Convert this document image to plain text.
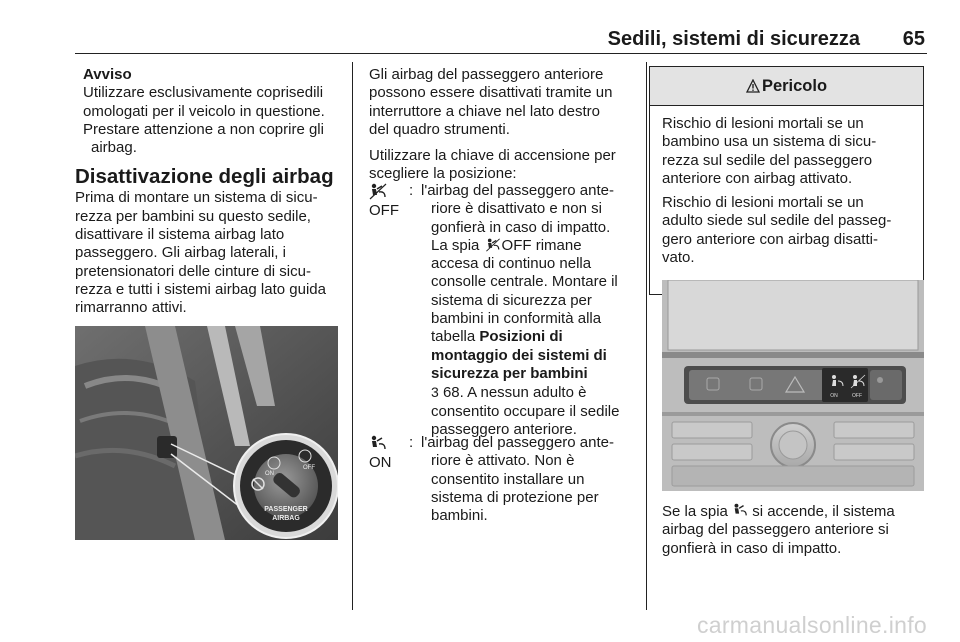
Sedili, sistemi di sicurezza 65

Avviso

Utilizzare esclusivamente coprisedili

omologati per il veicolo in questione.

Prestare attenzione a non coprire gli

airbag.

Disattivazione degli airbag

Prima di montare un sistema di sicu-

rezza per bambini su questo sedile,

disattivare il sistema airbag lato

passeggero. Gli airbag laterali, i

pretensionatori delle cinture di sicu-

rezza e tutti i sistemi airbag lato guida

rimarranno attivi.

ON
OFF
PASSENGER
AIRBAG

Gli airbag del passeggero anteriore

possono essere disattivati tramite un

interruttore a chiave nel lato destro

del quadro strumenti.

Utilizzare la chiave di accensione per

scegliere la posizione:

OFF
: l'airbag del passeggero ante-
riore è disattivato e non si
gonfierà in caso di impatto.
La spia OFF rimane
accesa di continuo nella
consolle centrale. Montare il
sistema di sicurezza per
bambini in conformità alla
tabella Posizioni di
montaggio dei sistemi di
sicurezza per bambini
3 68. A nessun adulto è
consentito occupare il sedile
passeggero anteriore.
ON
: l'airbag del passeggero ante-
riore è attivato. Non è
consentito installare un
sistema di protezione per
bambini.
Pericolo

Rischio di lesioni mortali se un
bambino usa un sistema di sicu-
rezza sul sedile del passeggero
anteriore con airbag attivato.

Rischio di lesioni mortali se un
adulto siede sul sedile del passeg-
gero anteriore con airbag disatti-
vato.

ON	OFF
Se la spia  si accende, il sistema
airbag del passeggero anteriore si
gonfierà in caso di impatto.
carmanualsonline.info
